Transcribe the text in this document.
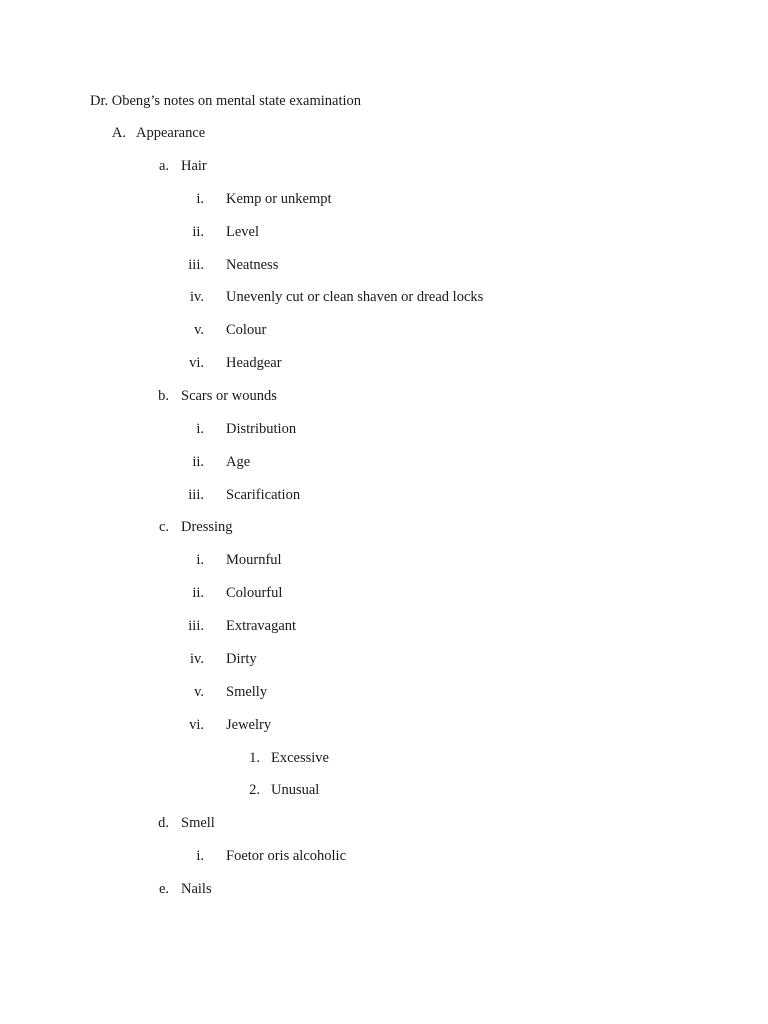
Dr. Obeng’s notes on mental state examination
A. Appearance
a. Hair
i. Kemp or unkempt
ii. Level
iii. Neatness
iv. Unevenly cut or clean shaven or dread locks
v. Colour
vi. Headgear
b. Scars or wounds
i. Distribution
ii. Age
iii. Scarification
c. Dressing
i. Mournful
ii. Colourful
iii. Extravagant
iv. Dirty
v. Smelly
vi. Jewelry
1. Excessive
2. Unusual
d. Smell
i. Foetor oris alcoholic
e. Nails
